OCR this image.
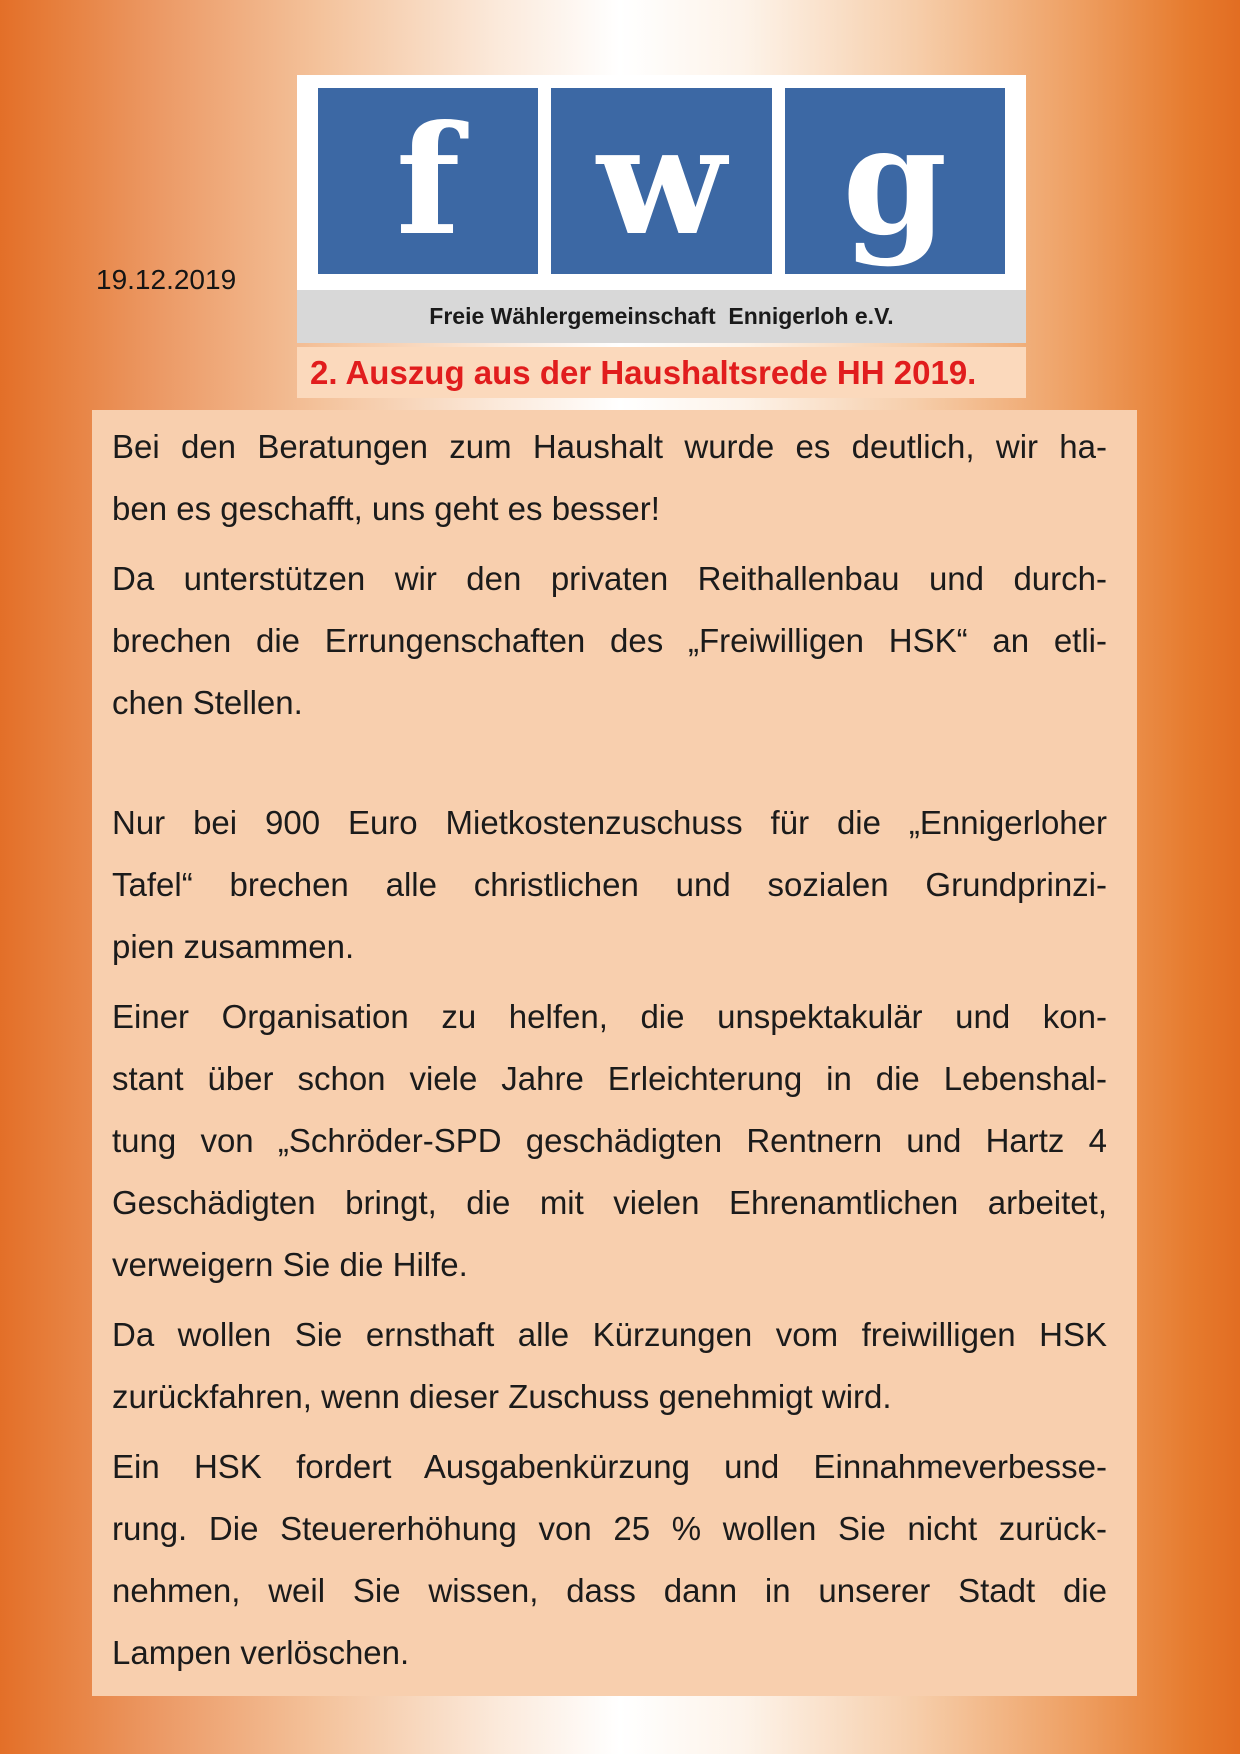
19.12.2019
f w g
Freie Wählergemeinschaft  Ennigerloh e.V.
2. Auszug aus der Haushaltsrede HH 2019.
Bei den Beratungen zum Haushalt wurde es deutlich, wir ha-
ben es geschafft, uns geht es besser!
Da unterstützen wir den privaten Reithallenbau und durch-
brechen die Errungenschaften des „Freiwilligen HSK“ an etli-
chen Stellen.
Nur bei 900 Euro Mietkostenzuschuss für die „Ennigerloher
Tafel“ brechen alle christlichen und sozialen Grundprinzi-
pien zusammen.
Einer Organisation zu helfen, die unspektakulär und kon-
stant über schon viele Jahre Erleichterung in die Lebenshal-
tung von „Schröder-SPD geschädigten Rentnern und Hartz 4
Geschädigten bringt, die mit vielen Ehrenamtlichen arbeitet,
verweigern Sie die Hilfe.
Da wollen Sie ernsthaft alle Kürzungen vom freiwilligen HSK
zurückfahren, wenn dieser Zuschuss genehmigt wird.
Ein HSK fordert Ausgabenkürzung und Einnahmeverbesse-
rung. Die Steuererhöhung von 25 % wollen Sie nicht zurück-
nehmen, weil Sie wissen, dass dann in unserer Stadt die
Lampen verlöschen.
